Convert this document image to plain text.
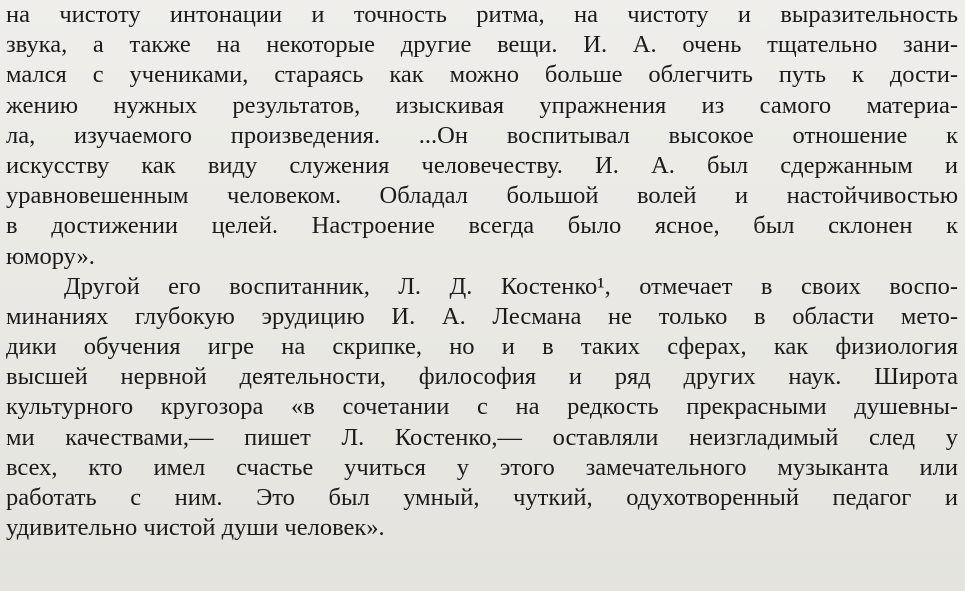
на чистоту интонации и точность ритма, на чистоту и выразительность
звука, а также на некоторые другие вещи. И. А. очень тщательно зани-
мался с учениками, стараясь как можно больше облегчить путь к дости-
жению нужных результатов, изыскивая упражнения из самого материа-
ла, изучаемого произведения. ...Он воспитывал высокое отношение к
искусству как виду служения человечеству. И. А. был сдержанным и
уравновешенным человеком. Обладал большой волей и настойчивостью
в достижении целей. Настроение всегда было ясное, был склонен к
юмору».
Другой его воспитанник, Л. Д. Костенко¹, отмечает в своих воспо-
минаниях глубокую эрудицию И. А. Лесмана не только в области мето-
дики обучения игре на скрипке, но и в таких сферах, как физиология
высшей нервной деятельности, философия и ряд других наук. Широта
культурного кругозора «в сочетании с на редкость прекрасными душевны-
ми качествами,— пишет Л. Костенко,— оставляли неизгладимый след у
всех, кто имел счастье учиться у этого замечательного музыканта или
работать с ним. Это был умный, чуткий, одухотворенный педагог и
удивительно чистой души человек».
